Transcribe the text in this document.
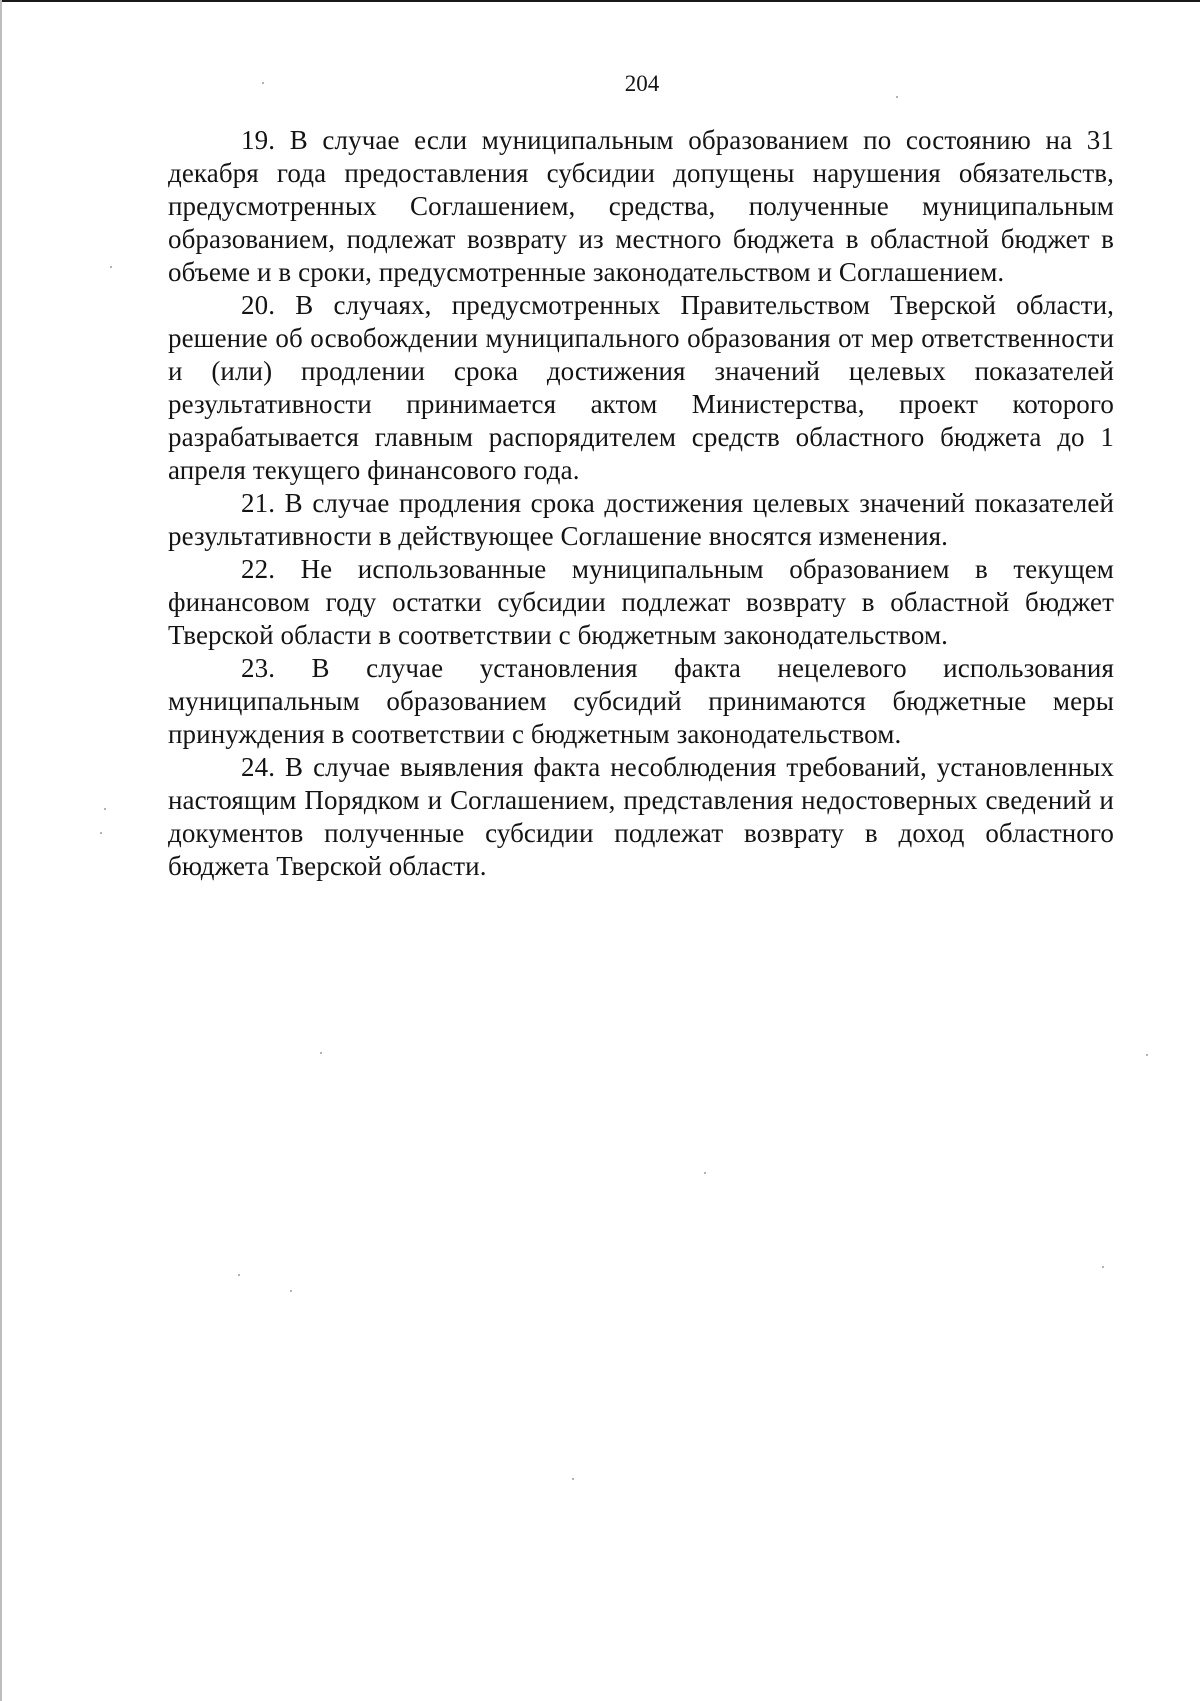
204

19. В случае если муниципальным образованием по состоянию на 31 декабря года предоставления субсидии допущены нарушения обязательств, предусмотренных Соглашением, средства, полученные муниципальным образованием, подлежат возврату из местного бюджета в областной бюджет в объеме и в сроки, предусмотренные законодательством и Соглашением.

20. В случаях, предусмотренных Правительством Тверской области, решение об освобождении муниципального образования от мер ответственности и (или) продлении срока достижения значений целевых показателей результативности принимается актом Министерства, проект которого разрабатывается главным распорядителем средств областного бюджета до 1 апреля текущего финансового года.

21. В случае продления срока достижения целевых значений показателей результативности в действующее Соглашение вносятся изменения.

22. Не использованные муниципальным образованием в текущем финансовом году остатки субсидии подлежат возврату в областной бюджет Тверской области в соответствии с бюджетным законодательством.

23. В случае установления факта нецелевого использования муниципальным образованием субсидий принимаются бюджетные меры принуждения в соответствии с бюджетным законодательством.

24. В случае выявления факта несоблюдения требований, установленных настоящим Порядком и Соглашением, представления недостоверных сведений и документов полученные субсидии подлежат возврату в доход областного бюджета Тверской области.
